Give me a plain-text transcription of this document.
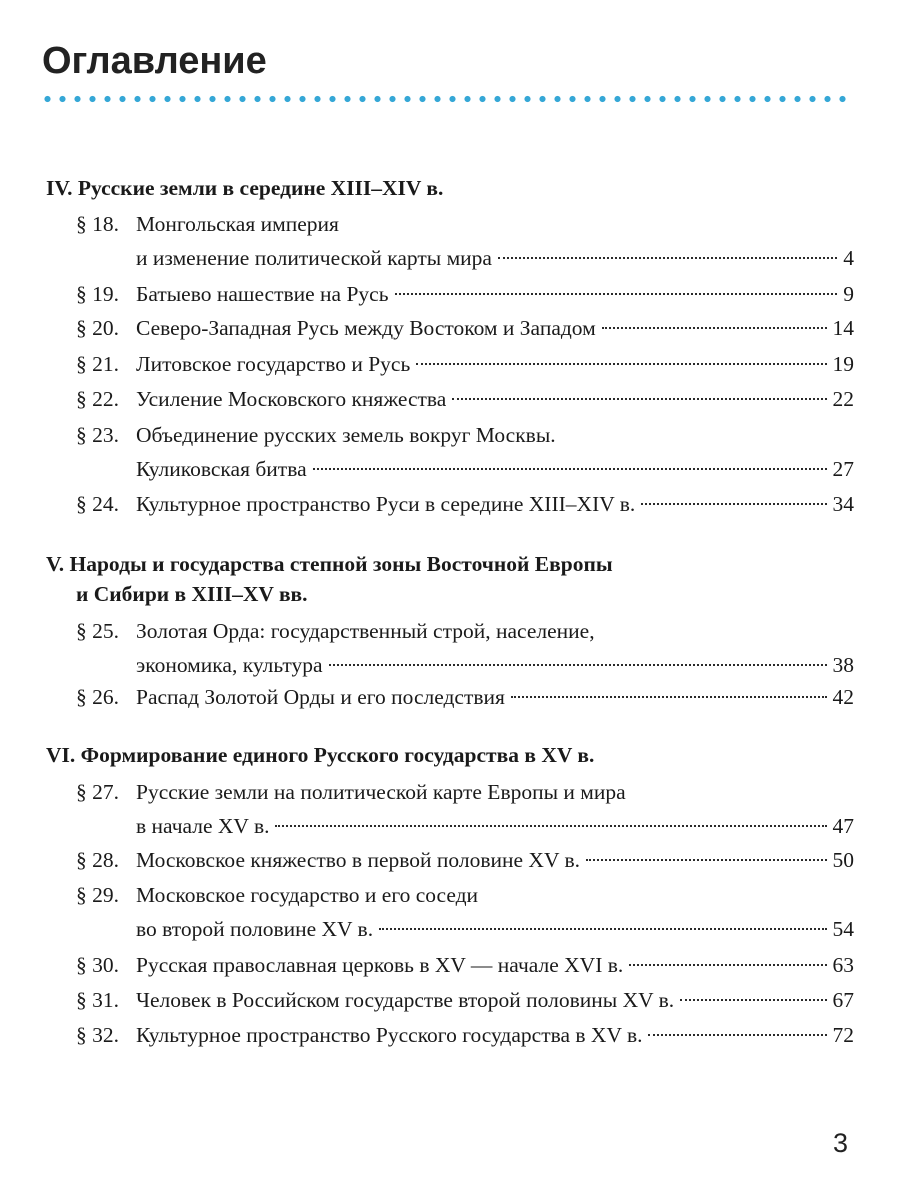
Оглавление
IV. Русские земли в середине XIII–XIV в.
§ 18. Монгольская империя
и изменение политической карты мира	4
§ 19. Батыево нашествие на Русь	9
§ 20. Северо-Западная Русь между Востоком и Западом	14
§ 21. Литовское государство и Русь	19
§ 22. Усиление Московского княжества	22
§ 23. Объединение русских земель вокруг Москвы.
Куликовская битва	27
§ 24. Культурное пространство Руси в середине XIII–XIV в.	34
V. Народы и государства степной зоны Восточной Европы
и Сибири в XIII–XV вв.
§ 25. Золотая Орда: государственный строй, население,
экономика, культура	38
§ 26. Распад Золотой Орды и его последствия	42
VI. Формирование единого Русского государства в XV в.
§ 27. Русские земли на политической карте Европы и мира
в начале XV в.	47
§ 28. Московское княжество в первой половине XV в.	50
§ 29. Московское государство и его соседи
во второй половине XV в.	54
§ 30. Русская православная церковь в XV — начале XVI в.	63
§ 31. Человек в Российском государстве второй половины XV в.	67
§ 32. Культурное пространство Русского государства в XV в.	72
3
